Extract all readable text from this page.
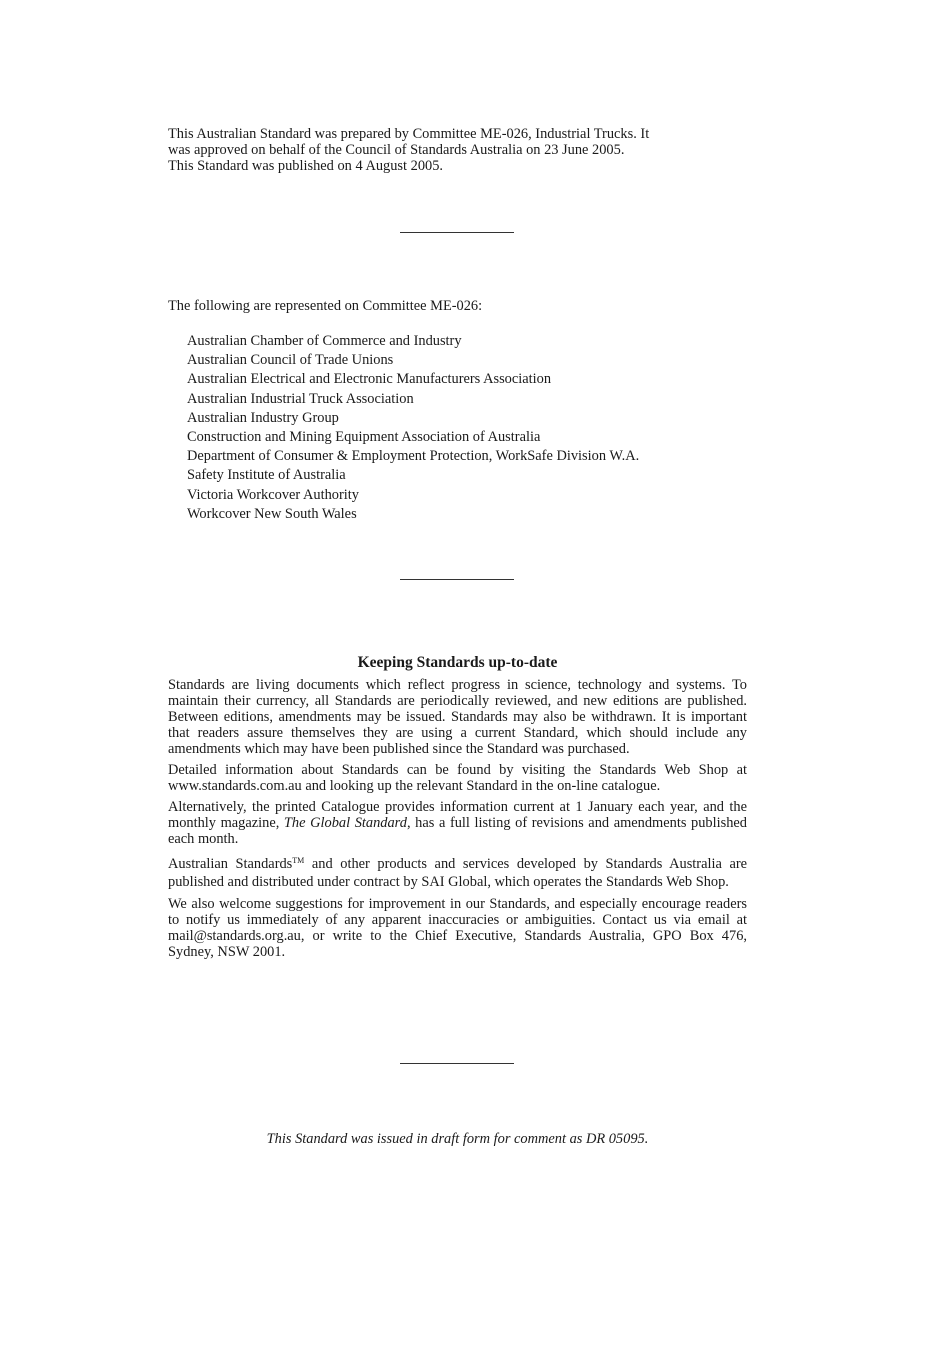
This Australian Standard was prepared by Committee ME-026, Industrial Trucks. It
was approved on behalf of the Council of Standards Australia on 23 June 2005.
This Standard was published on 4 August 2005.
The following are represented on Committee ME-026:
Australian Chamber of Commerce and Industry
Australian Council of Trade Unions
Australian Electrical and Electronic Manufacturers Association
Australian Industrial Truck Association
Australian Industry Group
Construction and Mining Equipment Association of Australia
Department of Consumer & Employment Protection, WorkSafe Division W.A.
Safety Institute of Australia
Victoria Workcover Authority
Workcover New South Wales
Keeping Standards up-to-date

Standards are living documents which reflect progress in science, technology and systems. To maintain their currency, all Standards are periodically reviewed, and new editions are published. Between editions, amendments may be issued. Standards may also be withdrawn. It is important that readers assure themselves they are using a current Standard, which should include any amendments which may have been published since the Standard was purchased.

Detailed information about Standards can be found by visiting the Standards Web Shop at www.standards.com.au and looking up the relevant Standard in the on-line catalogue.

Alternatively, the printed Catalogue provides information current at 1 January each year, and the monthly magazine, The Global Standard, has a full listing of revisions and amendments published each month.

Australian Standards™ and other products and services developed by Standards Australia are published and distributed under contract by SAI Global, which operates the Standards Web Shop.

We also welcome suggestions for improvement in our Standards, and especially encourage readers to notify us immediately of any apparent inaccuracies or ambiguities. Contact us via email at mail@standards.org.au, or write to the Chief Executive, Standards Australia, GPO Box 476, Sydney, NSW 2001.

This Standard was issued in draft form for comment as DR 05095.
